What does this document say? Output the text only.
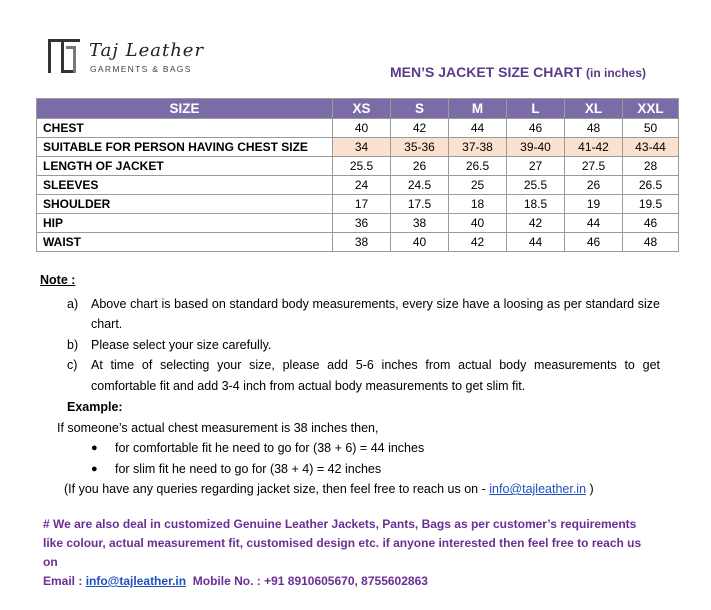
Taj Leather
GARMENTS & BAGS	MEN’S JACKET SIZE CHART (in inches)
SIZE	XS	S	M	L	XL	XXL
CHEST	40	42	44	46	48	50
SUITABLE FOR PERSON HAVING CHEST SIZE	34	35-36	37-38	39-40	41-42	43-44
LENGTH OF JACKET	25.5	26	26.5	27	27.5	28
SLEEVES	24	24.5	25	25.5	26	26.5
SHOULDER	17	17.5	18	18.5	19	19.5
HIP	36	38	40	42	44	46
WAIST	38	40	42	44	46	48
Note :
a) Above chart is based on standard body measurements, every size have a loosing as per standard size chart.
b) Please select your size carefully.
c) At time of selecting your size, please add 5-6 inches from actual body measurements to get comfortable fit and add 3-4 inch from actual body measurements to get slim fit.
Example:
If someone’s actual chest measurement is 38 inches then,
● for comfortable fit he need to go for (38 + 6) = 44 inches
● for slim fit he need to go for (38 + 4) = 42 inches
(If you have any queries regarding jacket size, then feel free to reach us on - info@tajleather.in )
# We are also deal in customized Genuine Leather Jackets, Pants, Bags as per customer’s requirements like colour, actual measurement fit, customised design etc. if anyone interested then feel free to reach us on
Email : info@tajleather.in  Mobile No. : +91 8910605670, 8755602863
